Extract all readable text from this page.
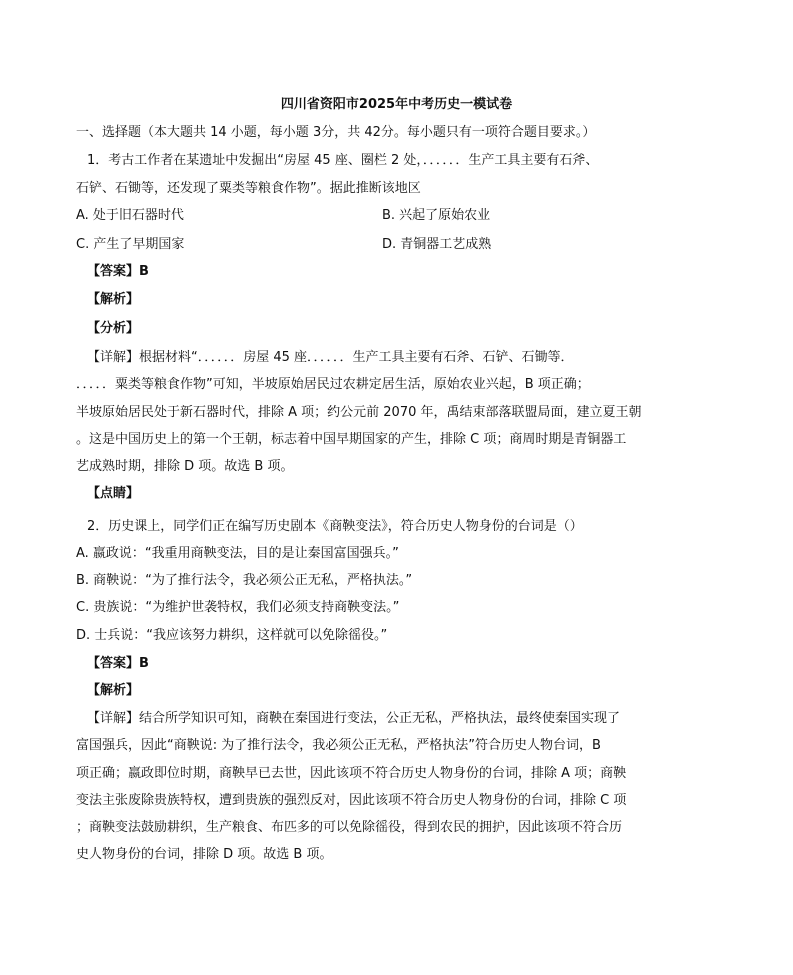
四川省资阳市2025年中考历史一模试卷

一、选择题（本大题共 14 小题，每小题 3分，共 42分。每小题只有一项符合题目要求。）

1．考古工作者在某遗址中发掘出“房屋 45 座、圈栏 2 处，．．．．．．生产工具主要有石斧、

石铲、石锄等，还发现了粟类等粮食作物”。据此推断该地区

A. 处于旧石器时代	B. 兴起了原始农业

C. 产生了早期国家	D. 青铜器工艺成熟

【答案】B

【解析】

【分析】

【详解】根据材料“．．．．．．房屋 45 座．．．．．．生产工具主要有石斧、石铲、石锄等．

．．．．．粟类等粮食作物”可知，半坡原始居民过农耕定居生活，原始农业兴起，B 项正确；

半坡原始居民处于新石器时代，排除 A 项；约公元前 2070 年，禹结束部落联盟局面，建立夏王朝

。这是中国历史上的第一个王朝，标志着中国早期国家的产生，排除 C 项；商周时期是青铜器工

艺成熟时期，排除 D 项。故选 B 项。

【点睛】

2．历史课上，同学们正在编写历史剧本《商鞅变法》，符合历史人物身份的台词是（）

A. 嬴政说：“我重用商鞅变法，目的是让秦国富国强兵。”

B. 商鞅说：“为了推行法令，我必须公正无私，严格执法。”

C. 贵族说：“为维护世袭特权，我们必须支持商鞅变法。”

D. 士兵说：“我应该努力耕织，这样就可以免除徭役。”

【答案】B

【解析】

【详解】结合所学知识可知，商鞅在秦国进行变法，公正无私，严格执法，最终使秦国实现了

富国强兵，因此“商鞅说: 为了推行法令，我必须公正无私，严格执法”符合历史人物台词，B

项正确；嬴政即位时期，商鞅早已去世，因此该项不符合历史人物身份的台词，排除 A 项；商鞅

变法主张废除贵族特权，遭到贵族的强烈反对，因此该项不符合历史人物身份的台词，排除 C 项

；商鞅变法鼓励耕织，生产粮食、布匹多的可以免除徭役，得到农民的拥护，因此该项不符合历

史人物身份的台词，排除 D 项。故选 B 项。
